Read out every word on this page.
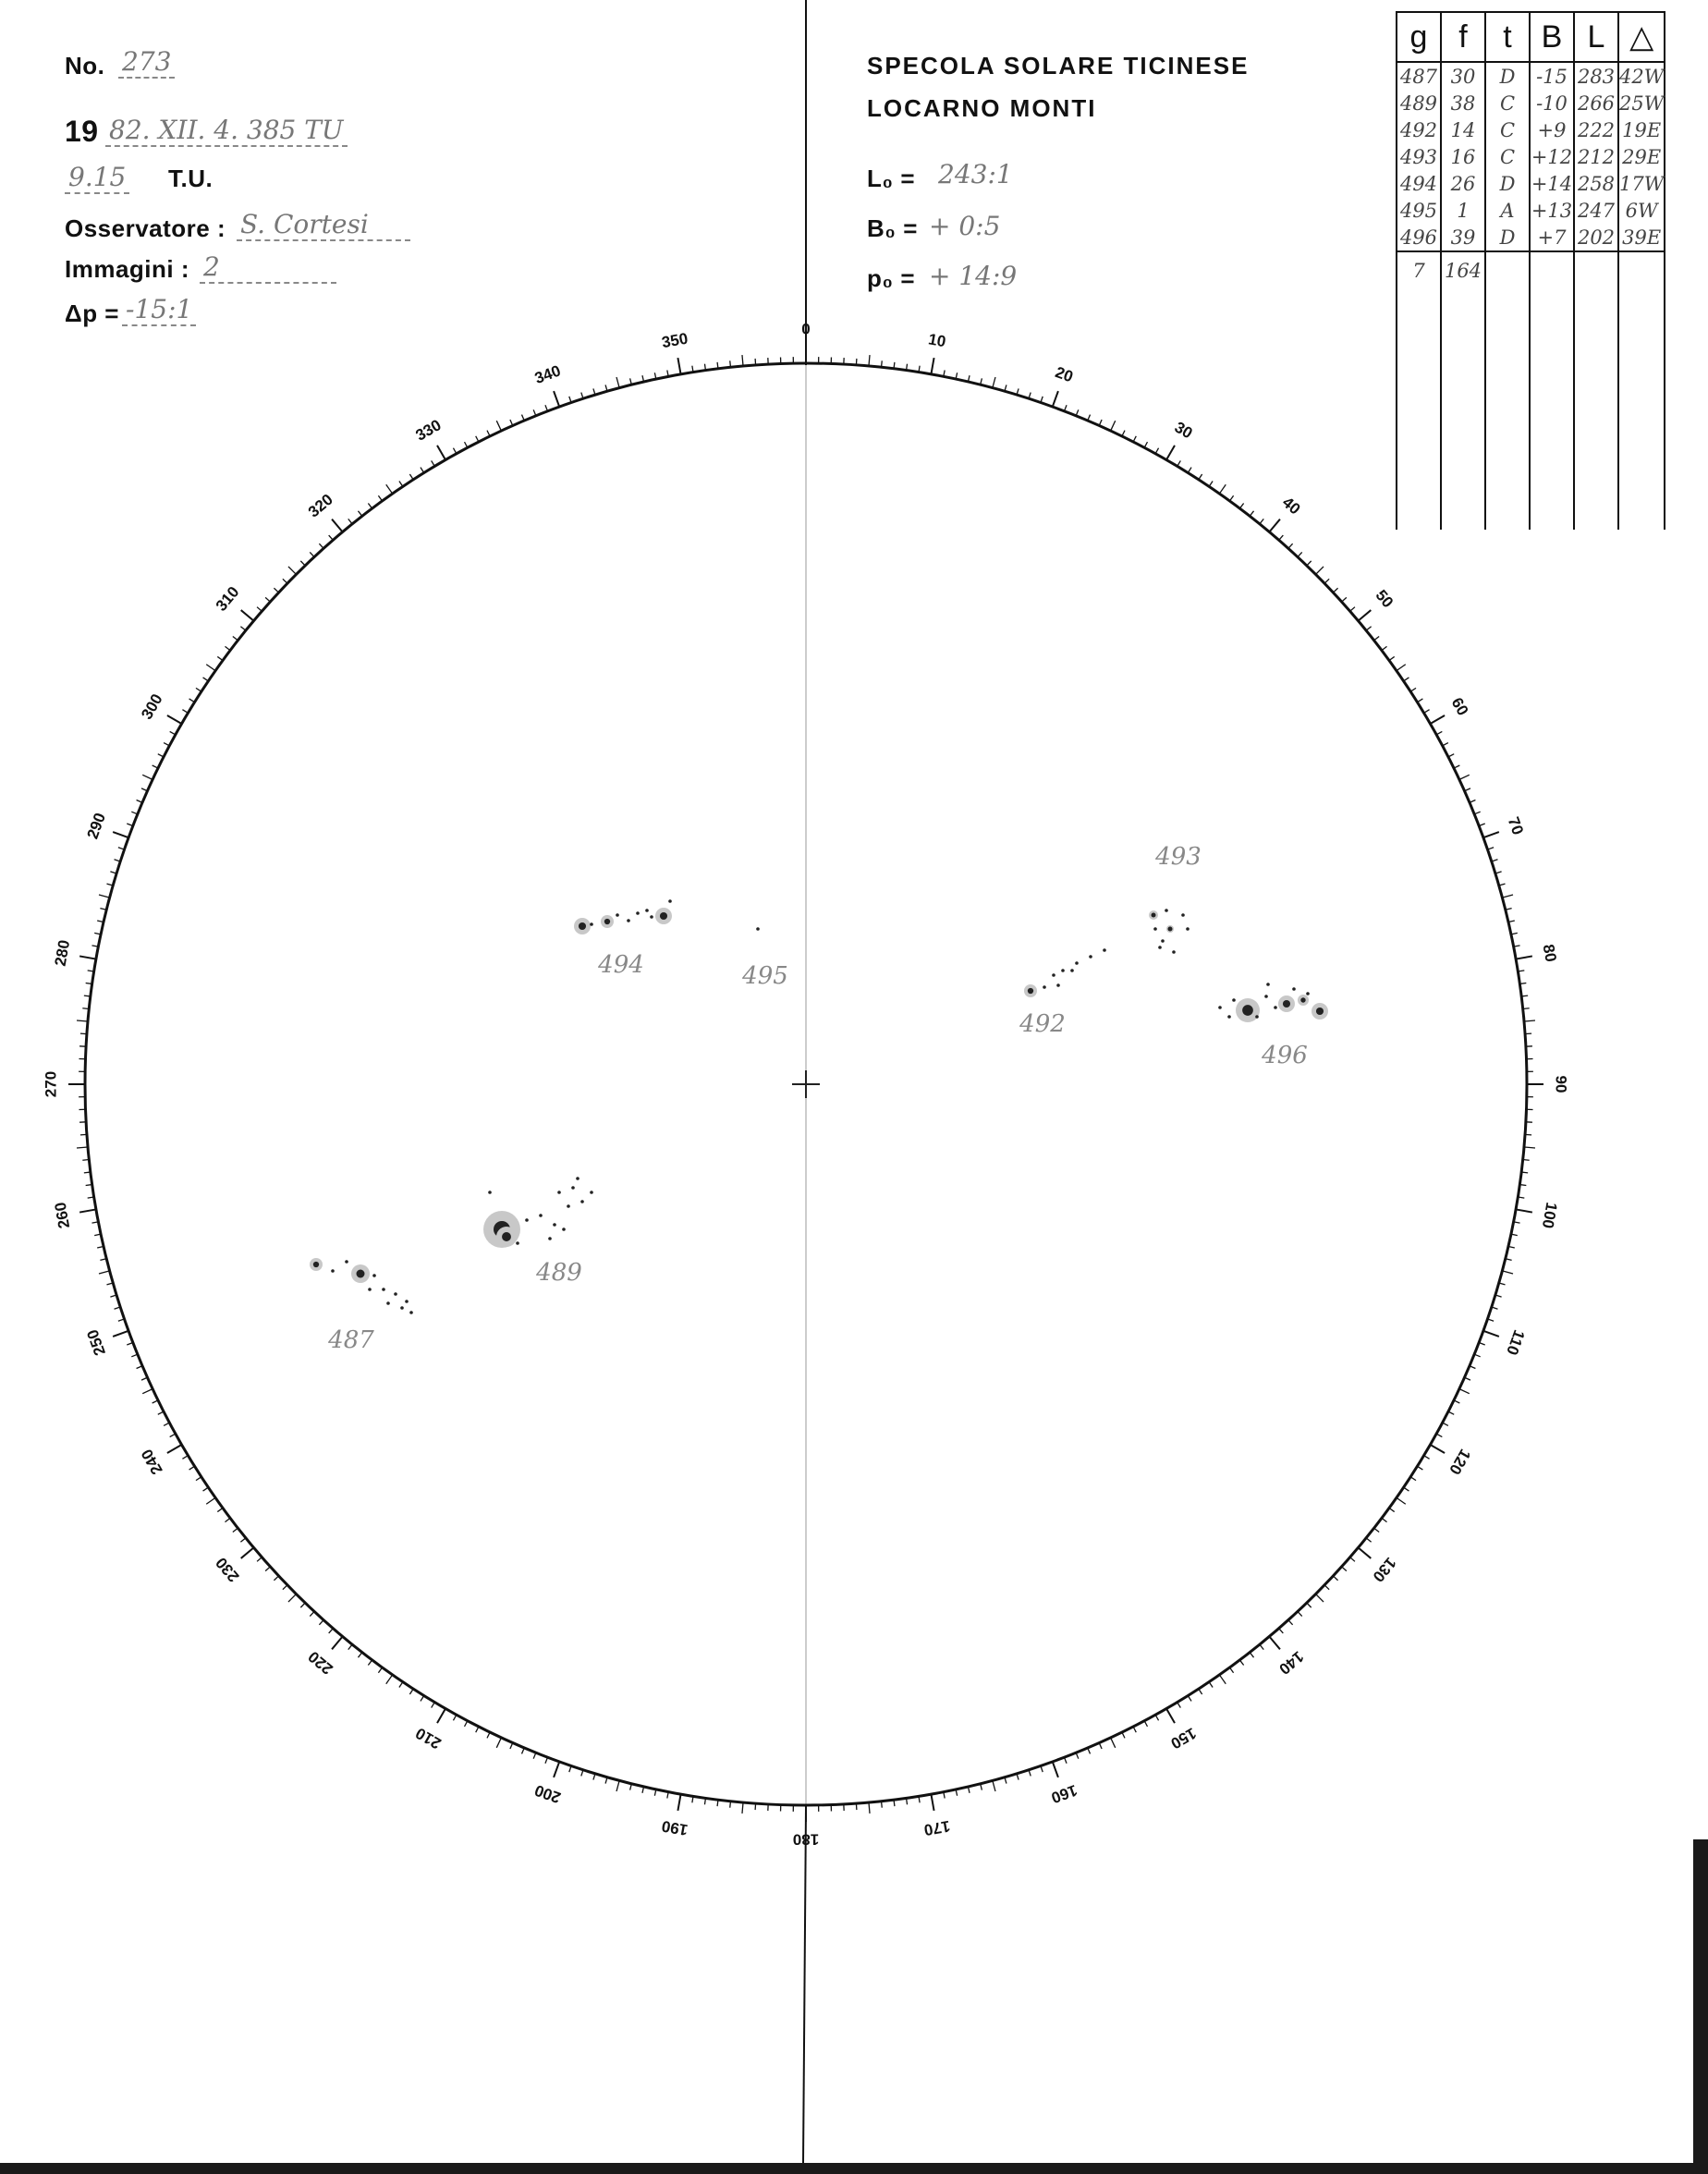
No. 273
19 82. XII. 4. 385 TU
9.15 T.U.
Osservatore : S. Cortesi
Immagini : 2
Δp = -15:1
SPECOLA SOLARE TICINESE
LOCARNO MONTI
L₀ = 243:1
B₀ = + 0:5
p₀ = + 14:9
0
10
20
30
40
50
60
70
80
90
100
110
120
130
140
150
160
170
180
190
200
210
220
230
240
250
260
270
280
290
300
310
320
330
340
350
494	495
492
493
496
489
487
g	f	t	B	L	△
487	30	D	-15	283	42W
489	38	C	-10	266	25W
492	14	C	+9	222	19E
493	16	C	+12	212	29E
494	26	D	+14	258	17W
495	1	A	+13	247	6W
496	39	D	+7	202	39E
7	164				
